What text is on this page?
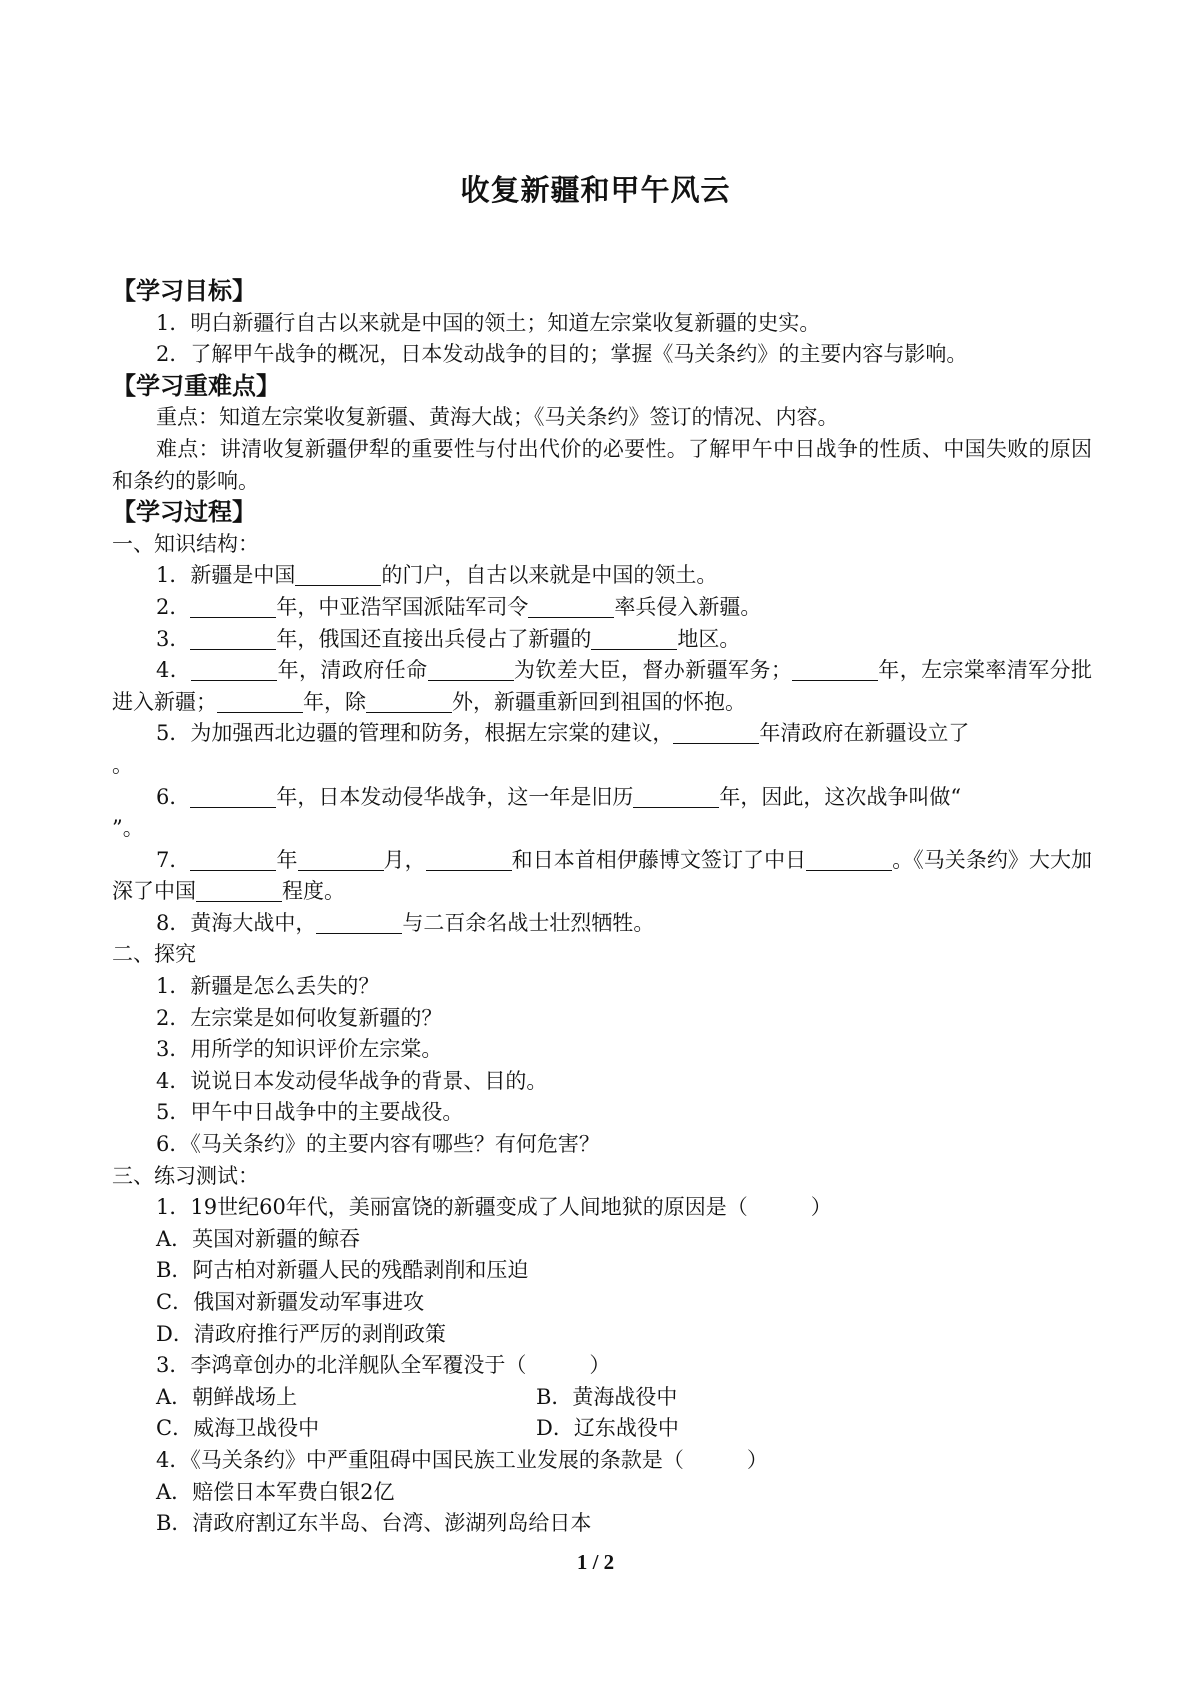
收复新疆和甲午风云
【学习目标】
1．明白新疆行自古以来就是中国的领土；知道左宗棠收复新疆的史实。
2．了解甲午战争的概况，日本发动战争的目的；掌握《马关条约》的主要内容与影响。
【学习重难点】
重点：知道左宗棠收复新疆、黄海大战；《马关条约》签订的情况、内容。
难点：讲清收复新疆伊犁的重要性与付出代价的必要性。了解甲午中日战争的性质、中国失败的原因和条约的影响。
【学习过程】
一、知识结构：
1．新疆是中国	的门户，自古以来就是中国的领土。
2．	年，中亚浩罕国派陆军司令	率兵侵入新疆。
3．	年，俄国还直接出兵侵占了新疆的	地区。
4．	年，清政府任命	为钦差大臣，督办新疆军务；	年，左宗棠率清军分批进入新疆；	年，除	外，新疆重新回到祖国的怀抱。
5．为加强西北边疆的管理和防务，根据左宗棠的建议，	年清政府在新疆设立了
。
6．	年，日本发动侵华战争，这一年是旧历	年，因此，这次战争叫做“
”。
7．	年	月，	和日本首相伊藤博文签订了中日	。《马关条约》大大加深了中国	程度。
8．黄海大战中，	与二百余名战士壮烈牺牲。
二、探究
1．新疆是怎么丢失的？
2．左宗棠是如何收复新疆的？
3．用所学的知识评价左宗棠。
4．说说日本发动侵华战争的背景、目的。
5．甲午中日战争中的主要战役。
6．《马关条约》的主要内容有哪些？有何危害？
三、练习测试：
1．19世纪60年代，美丽富饶的新疆变成了人间地狱的原因是（　　　）
A．英国对新疆的鲸吞
B．阿古柏对新疆人民的残酷剥削和压迫
C．俄国对新疆发动军事进攻
D．清政府推行严厉的剥削政策
3．李鸿章创办的北洋舰队全军覆没于（　　　）
A．朝鲜战场上	B．黄海战役中
C．威海卫战役中	D．辽东战役中
4．《马关条约》中严重阻碍中国民族工业发展的条款是（　　　）
A．赔偿日本军费白银2亿
B．清政府割辽东半岛、台湾、澎湖列岛给日本
1 / 2
